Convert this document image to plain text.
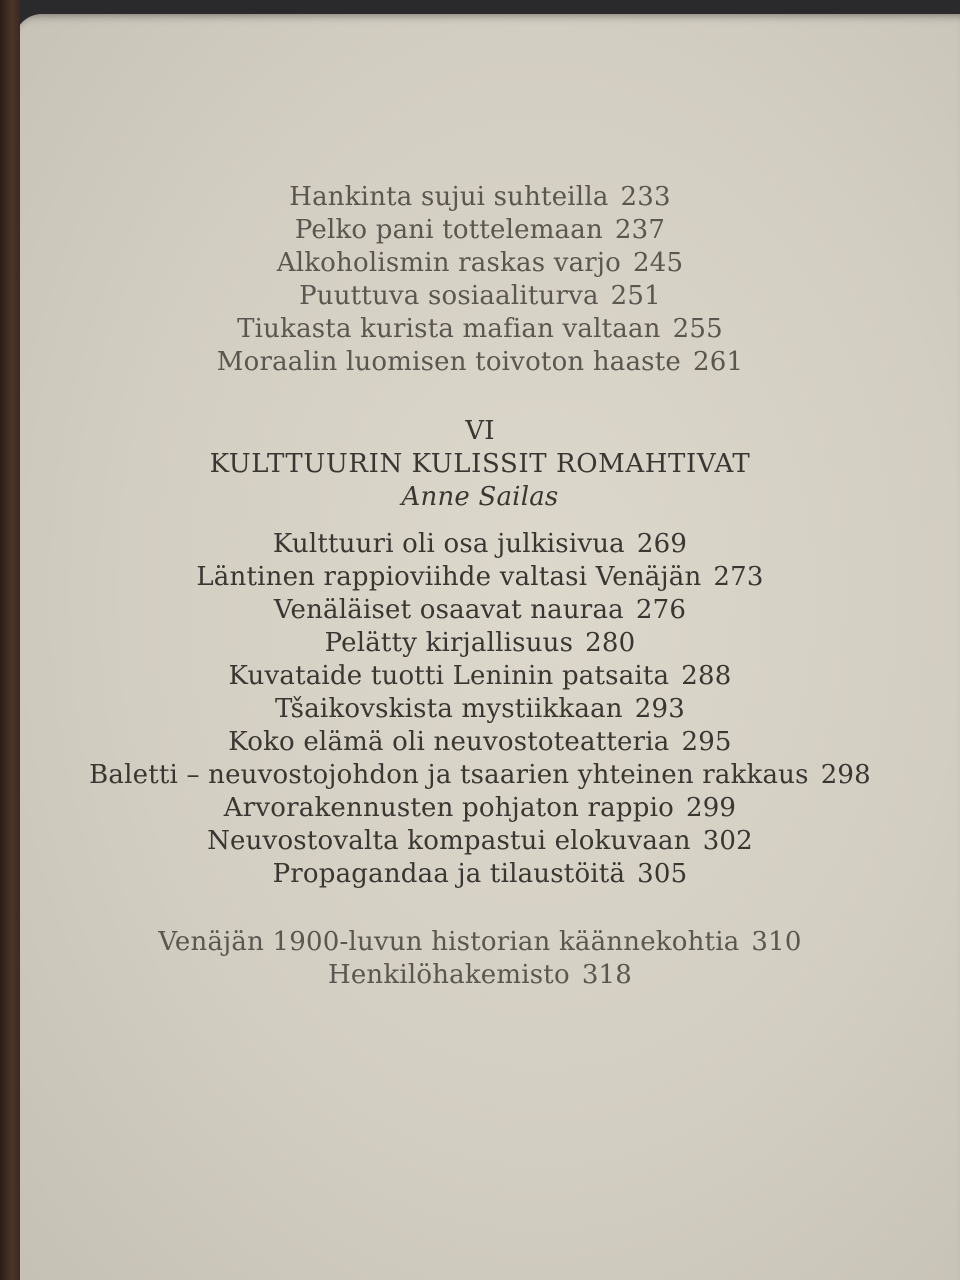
Hankinta sujui suhteilla 233
Pelko pani tottelemaan 237
Alkoholismin raskas varjo 245
Puuttuva sosiaaliturva 251
Tiukasta kurista mafian valtaan 255
Moraalin luomisen toivoton haaste 261
VI
KULTTUURIN KULISSIT ROMAHTIVAT
Anne Sailas
Kulttuuri oli osa julkisivua 269
Läntinen rappioviihde valtasi Venäjän 273
Venäläiset osaavat nauraa 276
Pelätty kirjallisuus 280
Kuvataide tuotti Leninin patsaita 288
Tšaikovskista mystiikkaan 293
Koko elämä oli neuvostoteatteria 295
Baletti – neuvostojohdon ja tsaarien yhteinen rakkaus 298
Arvorakennusten pohjaton rappio 299
Neuvostovalta kompastui elokuvaan 302
Propagandaa ja tilaustöitä 305
Venäjän 1900-luvun historian käännekohtia 310
Henkilöhakemisto 318
